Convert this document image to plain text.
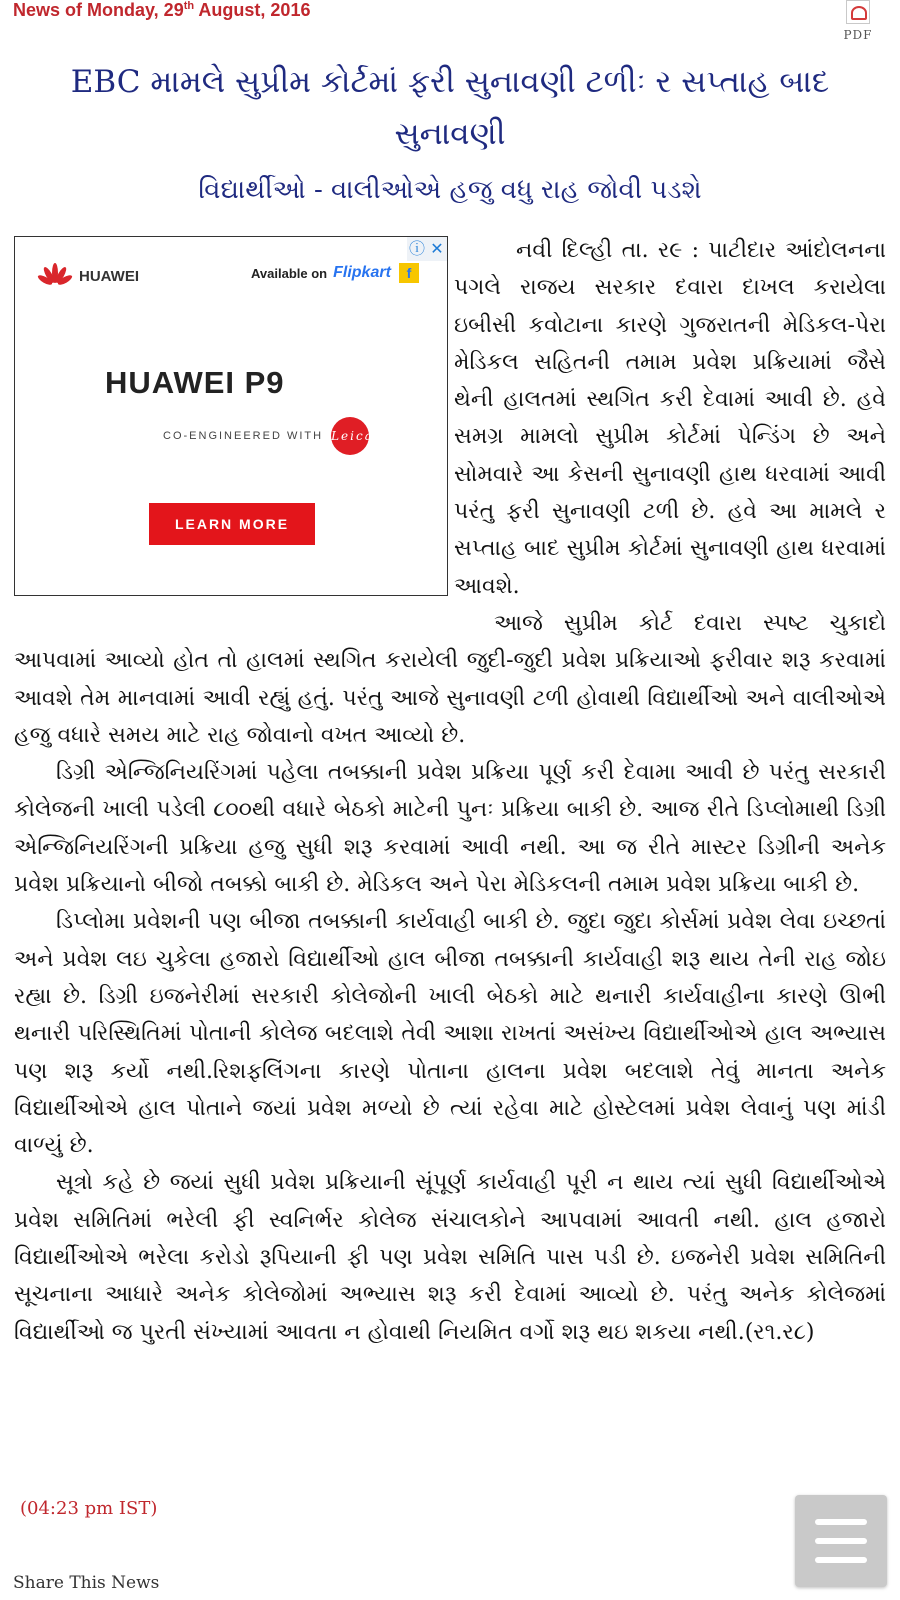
News of Monday, 29th August, 2016
PDF
EBC મામલે સુપ્રીમ કોર્ટમાં ફરી સુનાવણી ટળીઃ ર સપ્તાહ બાદ સુનાવણી
વિદ્યાર્થીઓ - વાલીઓએ હજુ વધુ રાહ જોવી પડશે

નવી દિલ્હી તા. ર૯ : પાટીદાર આંદોલનના પગલે રાજય સરકાર દવારા દાખલ કરાયેલા ઇબીસી કવોટાના કારણે ગુજરાતની મેડિકલ-પેરા મેડિકલ સહિતની તમામ પ્રવેશ પ્રક્રિયામાં જૈસે થેની હાલતમાં સ્થગિત કરી દેવામાં આવી છે. હવે સમગ્ર મામલો સુપ્રીમ કોર્ટમાં પેન્ડિંગ છે અને સોમવારે આ કેસની સુનાવણી હાથ ધરવામાં આવી પરંતુ ફરી સુનાવણી ટળી છે. હવે આ મામલે ર સપ્તાહ બાદ સુપ્રીમ કોર્ટમાં સુનાવણી હાથ ધરવામાં આવશે.

આજે સુપ્રીમ કોર્ટ દવારા સ્પષ્ટ ચુકાદો આપવામાં આવ્યો હોત તો હાલમાં સ્થગિત કરાયેલી જુદી-જુદી પ્રવેશ પ્રક્રિયાઓ ફરીવાર શરૂ કરવામાં આવશે તેમ માનવામાં આવી રહ્યું હતું. પરંતુ આજે સુનાવણી ટળી હોવાથી વિદ્યાર્થીઓ અને વાલીઓએ હજુ વધારે સમય માટે રાહ જોવાનો વખત આવ્યો છે.

ડિગ્રી એન્જિનિયરિંગમાં પહેલા તબક્કાની પ્રવેશ પ્રક્રિયા પૂર્ણ કરી દેવામા આવી છે પરંતુ સરકારી કોલેજની ખાલી પડેલી ૮૦૦થી વધારે બેઠકો માટેની પુનઃ પ્રક્રિયા બાકી છે. આજ રીતે ડિપ્લોમાથી ડિગ્રી એન્જિનિયરિંગની પ્રક્રિયા હજુ સુધી શરૂ કરવામાં આવી નથી. આ જ રીતે માસ્ટર ડિગ્રીની અનેક પ્રવેશ પ્રક્રિયાનો બીજો તબક્કો બાકી છે. મેડિકલ અને પેરા મેડિકલની તમામ પ્રવેશ પ્રક્રિયા બાકી છે.

ડિપ્લોમા પ્રવેશની પણ બીજા તબક્કાની કાર્યવાહી બાકી છે. જુદા જુદા કોર્સમાં પ્રવેશ લેવા ઇચ્છતાં અને પ્રવેશ લઇ ચુકેલા હજારો વિદ્યાર્થીઓ હાલ બીજા તબક્કાની કાર્યવાહી શરૂ થાય તેની રાહ જોઇ રહ્યા છે. ડિગ્રી ઇજનેરીમાં સરકારી કોલેજોની ખાલી બેઠકો માટે થનારી કાર્યવાહીના કારણે ઊભી થનારી પરિસ્થિતિમાં પોતાની કોલેજ બદલાશે તેવી આશા રાખતાં અસંખ્ય વિદ્યાર્થીઓએ હાલ અભ્યાસ પણ શરૂ કર્યો નથી.રિશફલિંગના કારણે પોતાના હાલના પ્રવેશ બદલાશે તેવું માનતા અનેક વિદ્યાર્થીઓએ હાલ પોતાને જયાં પ્રવેશ મળ્યો છે ત્યાં રહેવા માટે હોસ્ટેલમાં પ્રવેશ લેવાનું પણ માંડી વાળ્યું છે.

સૂત્રો કહે છે જયાં સુધી પ્રવેશ પ્રક્રિયાની સૂંપૂર્ણ કાર્યવાહી પૂરી ન થાય ત્યાં સુધી વિદ્યાર્થીઓએ પ્રવેશ સમિતિમાં ભરેલી ફી સ્વનિર્ભર કોલેજ સંચાલકોને આપવામાં આવતી નથી. હાલ હજારો વિદ્યાર્થીઓએ ભરેલા કરોડો રૂપિયાની ફી પણ પ્રવેશ સમિતિ પાસ પડી છે. ઇજનેરી પ્રવેશ સમિતિની સૂચનાના આધારે અનેક કોલેજોમાં અભ્યાસ શરૂ કરી દેવામાં આવ્યો છે. પરંતુ અનેક કોલેજમાં વિદ્યાર્થીઓ જ પુરતી સંખ્યામાં આવતા ન હોવાથી નિયમિત વર્ગો શરૂ થઇ શકયા નથી.(ર૧.ર૮)

ⓘ ✕
HUAWEI	Available on Flipkart	f
HUAWEI P9
CO-ENGINEERED WITH Leica
LEARN MORE
(04:23 pm IST)
Share This News
